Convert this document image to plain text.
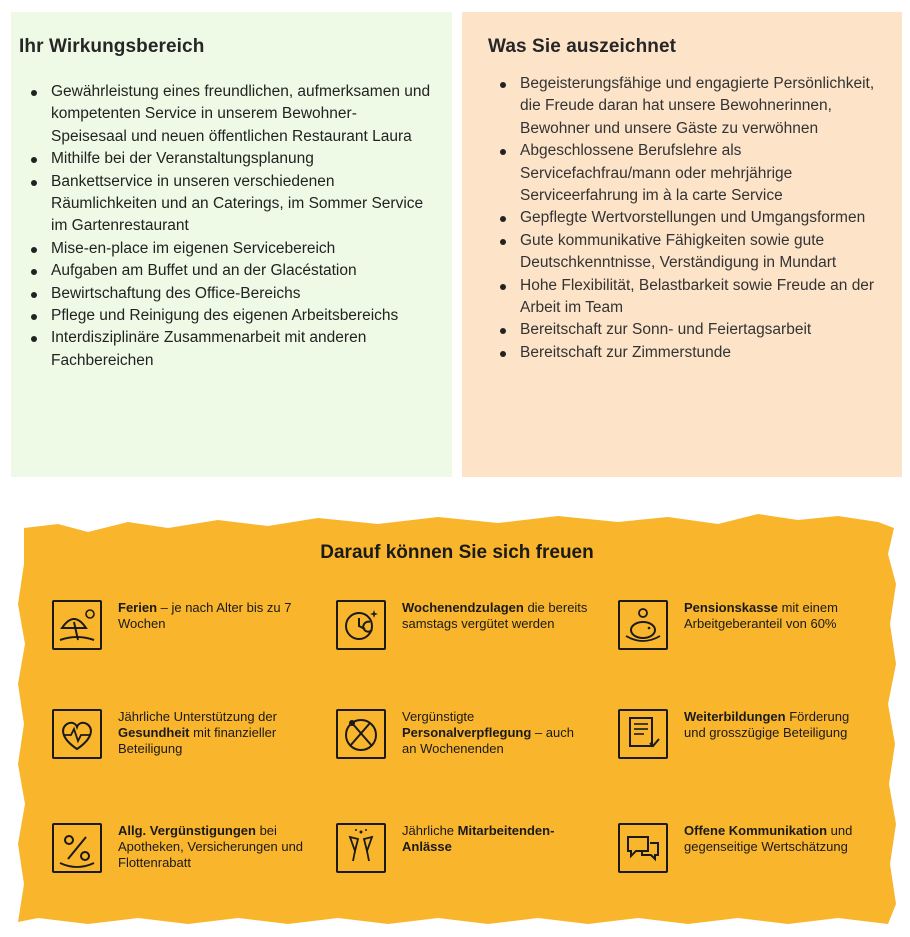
Ihr Wirkungsbereich
Gewährleistung eines freundlichen, aufmerksamen und kompetenten Service in unserem Bewohner-Speisesaal und neuen öffentlichen Restaurant Laura
Mithilfe bei der Veranstaltungsplanung
Bankettservice in unseren verschiedenen Räumlichkeiten und an Caterings, im Sommer Service im Gartenrestaurant
Mise-en-place im eigenen Servicebereich
Aufgaben am Buffet und an der Glacéstation
Bewirtschaftung des Office-Bereichs
Pflege und Reinigung des eigenen Arbeitsbereichs
Interdisziplinäre Zusammenarbeit mit anderen Fachbereichen
Was Sie auszeichnet
Begeisterungsfähige und engagierte Persönlichkeit, die Freude daran hat unsere Bewohnerinnen, Bewohner und unsere Gäste zu verwöhnen
Abgeschlossene Berufslehre als Servicefachfrau/mann oder mehrjährige Serviceerfahrung im à la carte Service
Gepflegte Wertvorstellungen und Umgangsformen
Gute kommunikative Fähigkeiten sowie gute Deutschkenntnisse, Verständigung in Mundart
Hohe Flexibilität, Belastbarkeit sowie Freude an der Arbeit im Team
Bereitschaft zur Sonn- und Feiertagsarbeit
Bereitschaft zur Zimmerstunde
Darauf können Sie sich freuen
Ferien – je nach Alter bis zu 7 Wochen
Wochenendzulagen die bereits samstags vergütet werden
Pensionskasse mit einem Arbeitgeberanteil von 60%
Jährliche Unterstützung der Gesundheit mit finanzieller Beteiligung
Vergünstigte Personalverpflegung – auch an Wochenenden
Weiterbildungen Förderung und grosszügige Beteiligung
Allg. Vergünstigungen bei Apotheken, Versicherungen und Flottenrabatt
Jährliche Mitarbeitenden-Anlässe
Offene Kommunikation und gegenseitige Wertschätzung
